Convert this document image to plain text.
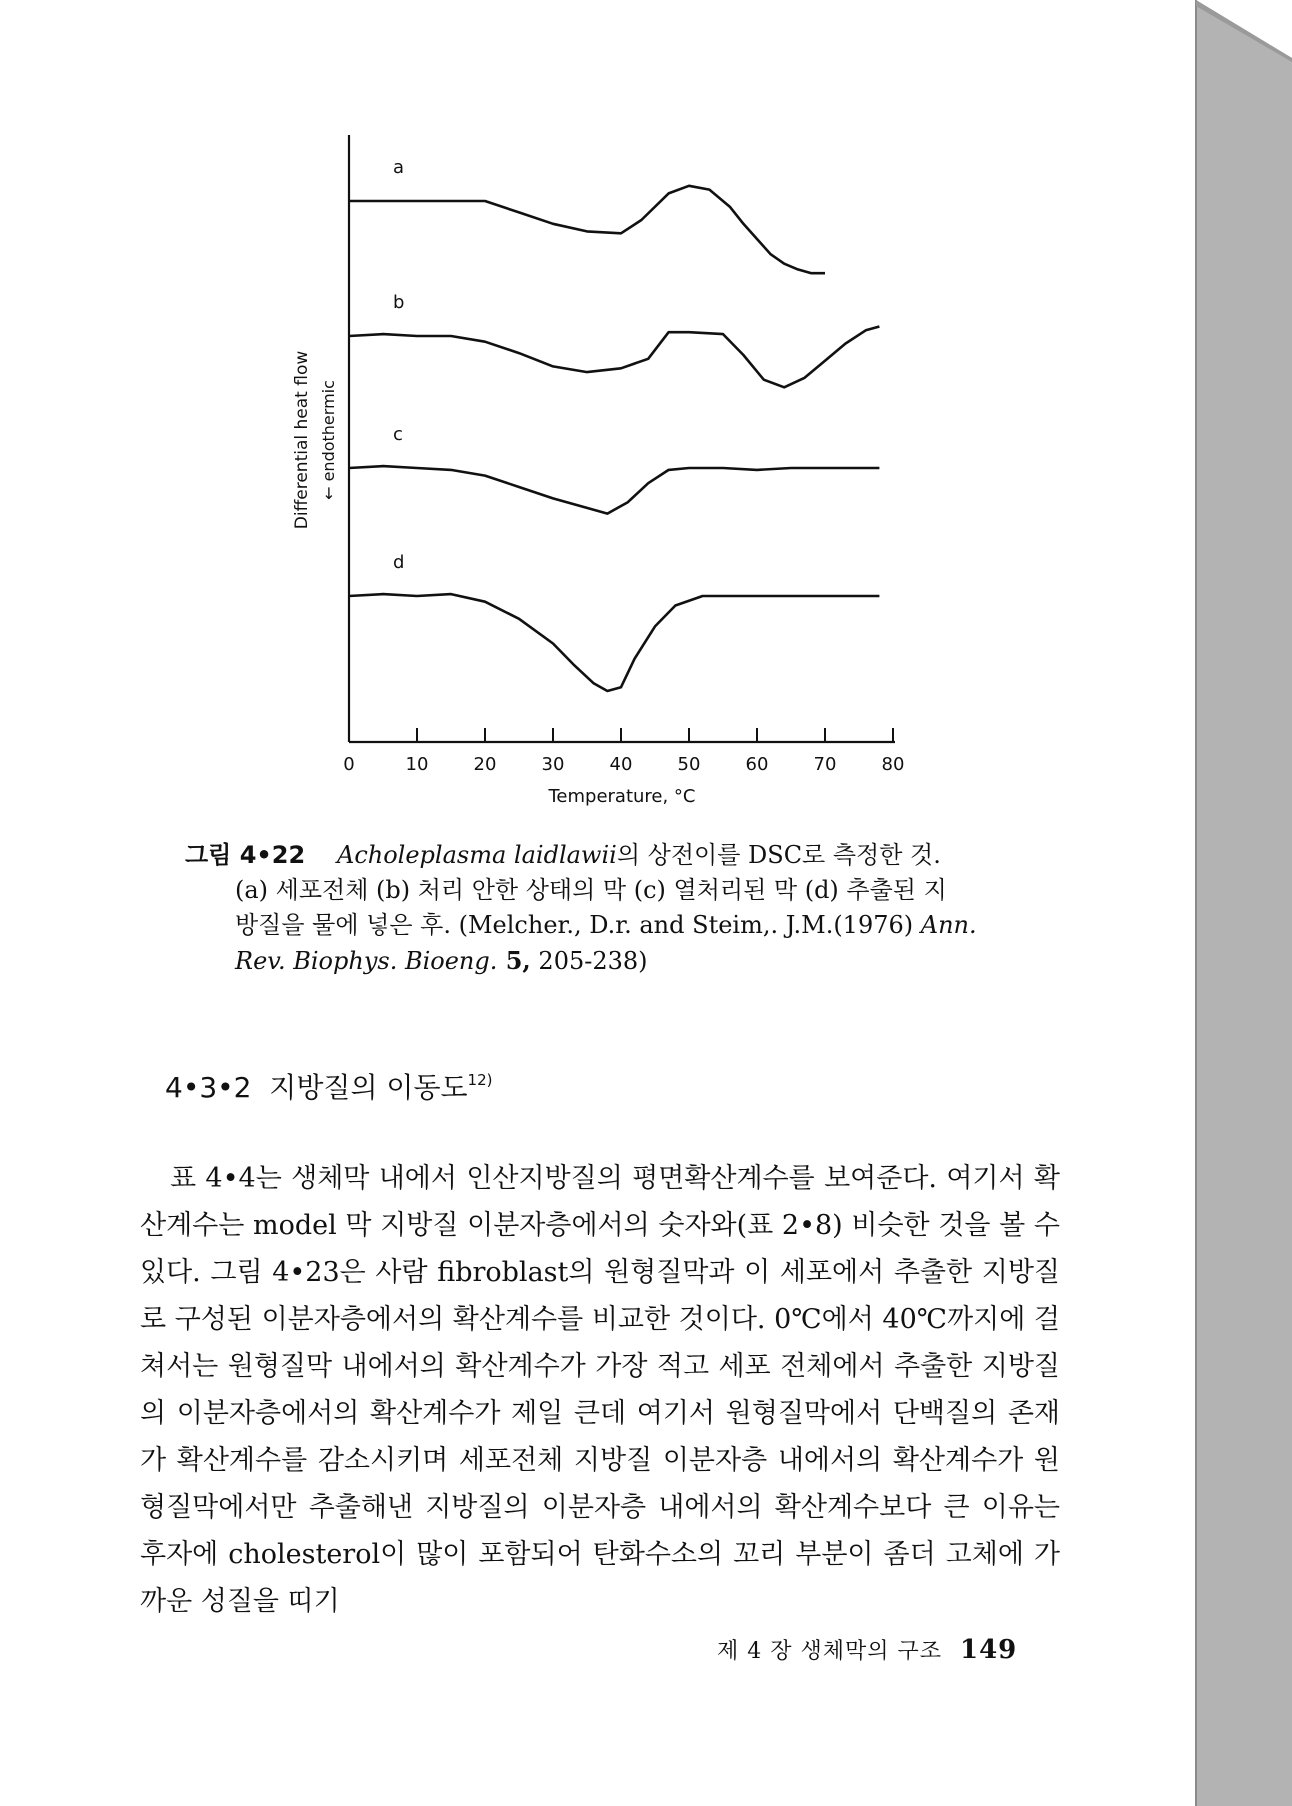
0	10	20	30	40	50	60	70	80
a
b
c
d
Temperature, °C
Differential heat flow ← endothermic
그림 4•22 Acholeplasma laidlawii의 상전이를 DSC로 측정한 것.
(a) 세포전체 (b) 처리 안한 상태의 막 (c) 열처리된 막 (d) 추출된 지
방질을 물에 넣은 후. (Melcher., D.r. and Steim,. J.M.(1976) Ann.
Rev. Biophys. Bioeng. 5, 205-238)
4•3•2 지방질의 이동도$^{12)}$

표 4•4는 생체막 내에서 인산지방질의 평면확산계수를 보여준다. 여기서 확산계수는 model 막 지방질 이분자층에서의 숫자와(표 2•8) 비슷한 것을 볼 수 있다. 그림 4•23은 사람 fibroblast의 원형질막과 이 세포에서 추출한 지방질로 구성된 이분자층에서의 확산계수를 비교한 것이다. 0℃에서 40℃까지에 걸쳐서는 원형질막 내에서의 확산계수가 가장 적고 세포 전체에서 추출한 지방질의 이분자층에서의 확산계수가 제일 큰데 여기서 원형질막에서 단백질의 존재가 확산계수를 감소시키며 세포전체 지방질 이분자층 내에서의 확산계수가 원형질막에서만 추출해낸 지방질의 이분자층 내에서의 확산계수보다 큰 이유는 후자에 cholesterol이 많이 포함되어 탄화수소의 꼬리 부분이 좀더 고체에 가까운 성질을 띠기

제 4 장 생체막의 구조 149
